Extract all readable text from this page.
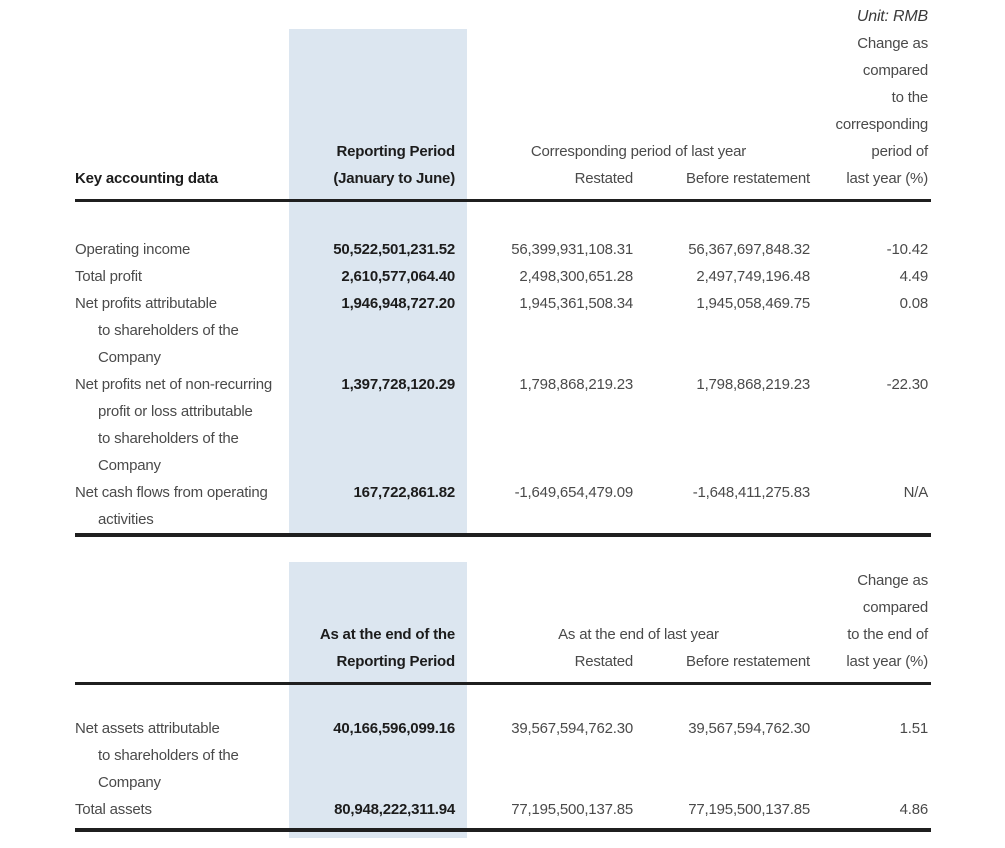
Unit: RMB
Key accounting data	
Reporting Period
(January to June)

Corresponding period of last year
Restated	Before restatement

Change as
compared
to the
corresponding
period of
last year (%)

Operating income	50,522,501,231.52	56,399,931,108.31	56,367,697,848.32	-10.42

Total profit	2,610,577,064.40	2,498,300,651.28	2,497,749,196.48	4.49

Net profits attributable
to shareholders of the
Company	1,946,948,727.20	1,945,361,508.34	1,945,058,469.75	0.08

Net profits net of non-recurring
profit or loss attributable
to shareholders of the
Company	1,397,728,120.29	1,798,868,219.23	1,798,868,219.23	-22.30

Net cash flows from operating
activities	167,722,861.82	-1,649,654,479.09	-1,648,411,275.83	N/A

As at the end of the
Reporting Period

As at the end of last year
Restated	Before restatement

Change as
compared
to the end of
last year (%)

Net assets attributable
to shareholders of the
Company	40,166,596,099.16	39,567,594,762.30	39,567,594,762.30	1.51

Total assets	80,948,222,311.94	77,195,500,137.85	77,195,500,137.85	4.86
